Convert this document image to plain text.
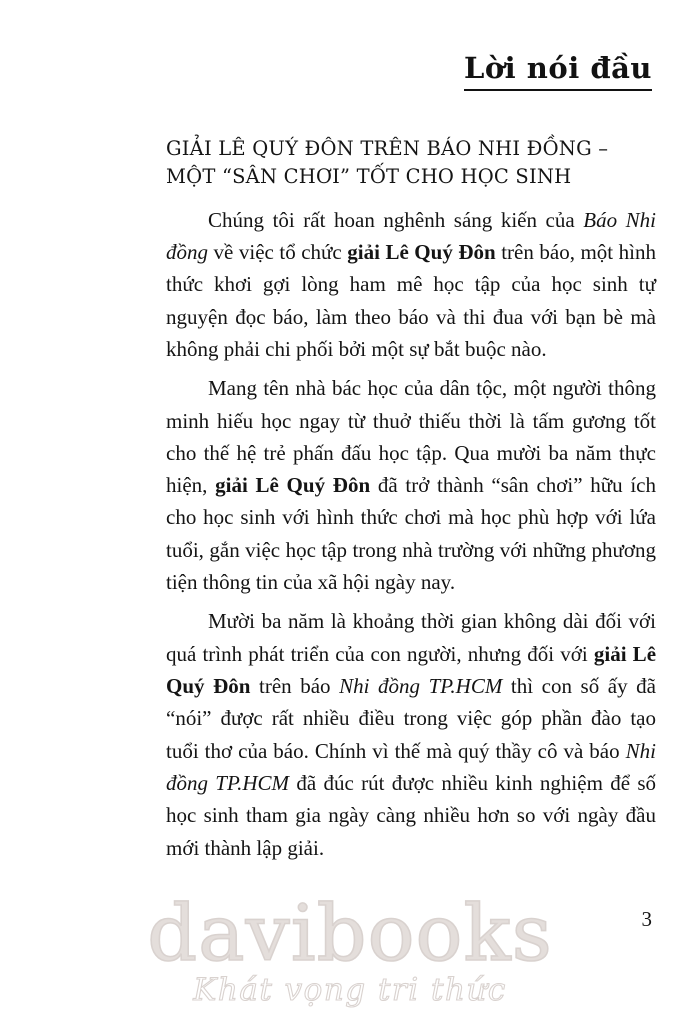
Lời nói đầu
GIẢI LÊ QUÝ ĐÔN TRÊN BÁO NHI ĐỒNG – MỘT “SÂN CHƠI” TỐT CHO HỌC SINH

Chúng tôi rất hoan nghênh sáng kiến của Báo Nhi đồng về việc tổ chức giải Lê Quý Đôn trên báo, một hình thức khơi gợi lòng ham mê học tập của học sinh tự nguyện đọc báo, làm theo báo và thi đua với bạn bè mà không phải chi phối bởi một sự bắt buộc nào.

Mang tên nhà bác học của dân tộc, một người thông minh hiếu học ngay từ thuở thiếu thời là tấm gương tốt cho thế hệ trẻ phấn đấu học tập. Qua mười ba năm thực hiện, giải Lê Quý Đôn đã trở thành “sân chơi” hữu ích cho học sinh với hình thức chơi mà học phù hợp với lứa tuổi, gắn việc học tập trong nhà trường với những phương tiện thông tin của xã hội ngày nay.

Mười ba năm là khoảng thời gian không dài đối với quá trình phát triển của con người, nhưng đối với giải Lê Quý Đôn trên báo Nhi đồng TP.HCM thì con số ấy đã “nói” được rất nhiều điều trong việc góp phần đào tạo tuổi thơ của báo. Chính vì thế mà quý thầy cô và báo Nhi đồng TP.HCM đã đúc rút được nhiều kinh nghiệm để số học sinh tham gia ngày càng nhiều hơn so với ngày đầu mới thành lập giải.

3
davibooks
Khát vọng tri thức
